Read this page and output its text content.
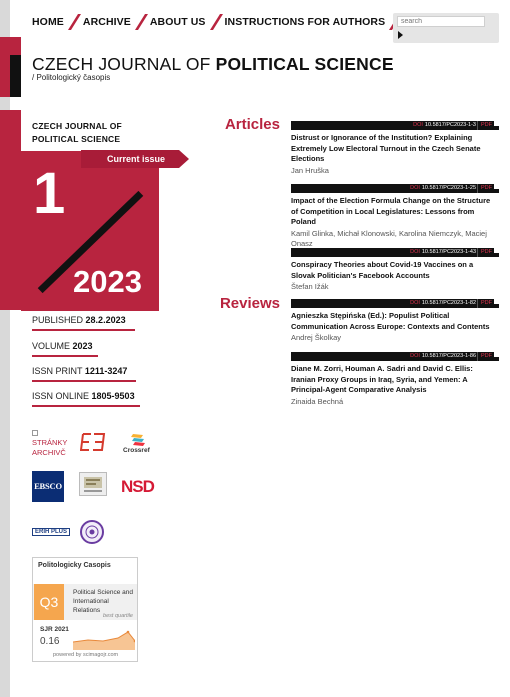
HOME ARCHIVE ABOUT US INSTRUCTIONS FOR AUTHORS
search
CZECH JOURNAL OF POLITICAL SCIENCE
/ Politologický časopis
CZECH JOURNAL OF
POLITICAL SCIENCE
Current issue
1
2023
PUBLISHED 28.2.2023
VOLUME 2023
ISSN PRINT 1211-3247
ISSN ONLINE 1805-9503
STRÁNKY ARCHIVČ	Crossref
EBSCO	NSD
ERIH PLUS
Politologicky Casopis
Q3
Political Science and International Relations
best quartile
SJR 2021
0.16
powered by scimagojr.com
Articles
Reviews
DOI 10.5817/PC2023-1-3 PDF
Distrust or Ignorance of the Institution? Explaining Extremely Low Electoral Turnout in the Czech Senate Elections
Jan Hruška
DOI 10.5817/PC2023-1-25 PDF
Impact of the Election Formula Change on the Structure of Competition in Local Legislatures: Lessons from Poland
Kamil Glinka, Michał Klonowski, Karolina Niemczyk, Maciej Onasz
DOI 10.5817/PC2023-1-43 PDF
Conspiracy Theories about Covid-19 Vaccines on a Slovak Politician's Facebook Accounts
Štefan Ižák
DOI 10.5817/PC2023-1-82 PDF
Agnieszka Stępińska (Ed.): Populist Political Communication Across Europe: Contexts and Contents
Andrej Školkay
DOI 10.5817/PC2023-1-86 PDF
Diane M. Zorri, Houman A. Sadri and David C. Ellis: Iranian Proxy Groups in Iraq, Syria, and Yemen: A Principal-Agent Comparative Analysis
Zinaida Bechná
